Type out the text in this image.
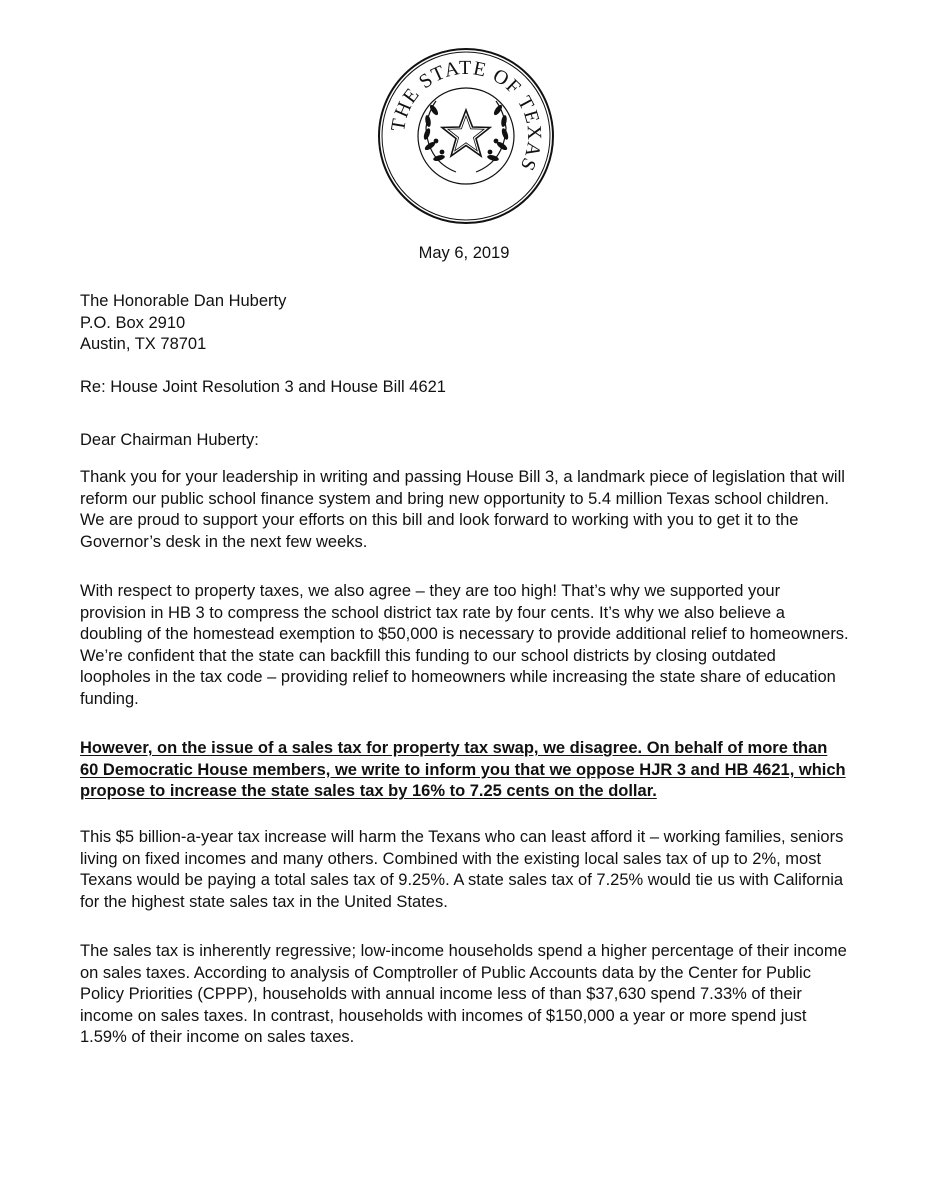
THE STATE OF TEXAS
May 6, 2019
The Honorable Dan Huberty
P.O. Box 2910
Austin, TX 78701
Re: House Joint Resolution 3 and House Bill 4621
Dear Chairman Huberty:

Thank you for your leadership in writing and passing House Bill 3, a landmark piece of legislation that will reform our public school finance system and bring new opportunity to 5.4 million Texas school children. We are proud to support your efforts on this bill and look forward to working with you to get it to the Governor’s desk in the next few weeks.

With respect to property taxes, we also agree – they are too high! That’s why we supported your provision in HB 3 to compress the school district tax rate by four cents. It’s why we also believe a doubling of the homestead exemption to $50,000 is necessary to provide additional relief to homeowners. We’re confident that the state can backfill this funding to our school districts by closing outdated loopholes in the tax code – providing relief to homeowners while increasing the state share of education funding.

However, on the issue of a sales tax for property tax swap, we disagree. On behalf of more than 60 Democratic House members, we write to inform you that we oppose HJR 3 and HB 4621, which propose to increase the state sales tax by 16% to 7.25 cents on the dollar.

This $5 billion-a-year tax increase will harm the Texans who can least afford it – working families, seniors living on fixed incomes and many others. Combined with the existing local sales tax of up to 2%, most Texans would be paying a total sales tax of 9.25%. A state sales tax of 7.25% would tie us with California for the highest state sales tax in the United States.

The sales tax is inherently regressive; low-income households spend a higher percentage of their income on sales taxes. According to analysis of Comptroller of Public Accounts data by the Center for Public Policy Priorities (CPPP), households with annual income less of than $37,630 spend 7.33% of their income on sales taxes. In contrast, households with incomes of $150,000 a year or more spend just 1.59% of their income on sales taxes.
